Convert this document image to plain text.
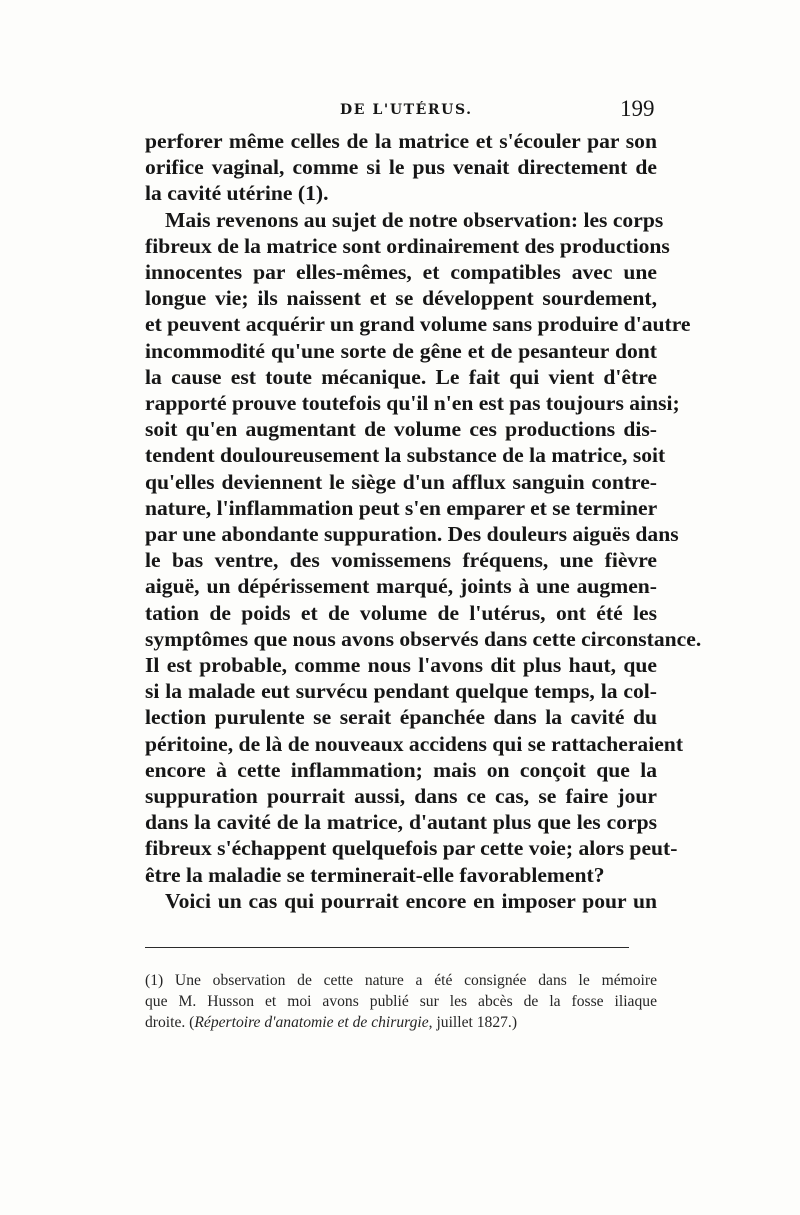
DE L'UTÉRUS.	199
perforer même celles de la matrice et s'écouler par son
orifice vaginal, comme si le pus venait directement de
la cavité utérine (1).
Mais revenons au sujet de notre observation: les corps
fibreux de la matrice sont ordinairement des productions
innocentes par elles-mêmes, et compatibles avec une
longue vie; ils naissent et se développent sourdement,
et peuvent acquérir un grand volume sans produire d'autre
incommodité qu'une sorte de gêne et de pesanteur dont
la cause est toute mécanique. Le fait qui vient d'être
rapporté prouve toutefois qu'il n'en est pas toujours ainsi;
soit qu'en augmentant de volume ces productions dis-
tendent douloureusement la substance de la matrice, soit
qu'elles deviennent le siège d'un afflux sanguin contre-
nature, l'inflammation peut s'en emparer et se terminer
par une abondante suppuration. Des douleurs aiguës dans
le bas ventre, des vomissemens fréquens, une fièvre
aiguë, un dépérissement marqué, joints à une augmen-
tation de poids et de volume de l'utérus, ont été les
symptômes que nous avons observés dans cette circonstance.
Il est probable, comme nous l'avons dit plus haut, que
si la malade eut survécu pendant quelque temps, la col-
lection purulente se serait épanchée dans la cavité du
péritoine, de là de nouveaux accidens qui se rattacheraient
encore à cette inflammation; mais on conçoit que la
suppuration pourrait aussi, dans ce cas, se faire jour
dans la cavité de la matrice, d'autant plus que les corps
fibreux s'échappent quelquefois par cette voie; alors peut-
être la maladie se terminerait-elle favorablement?
Voici un cas qui pourrait encore en imposer pour un
(1) Une observation de cette nature a été consignée dans le mémoire
que M. Husson et moi avons publié sur les abcès de la fosse iliaque
droite. (Répertoire d'anatomie et de chirurgie, juillet 1827.)
